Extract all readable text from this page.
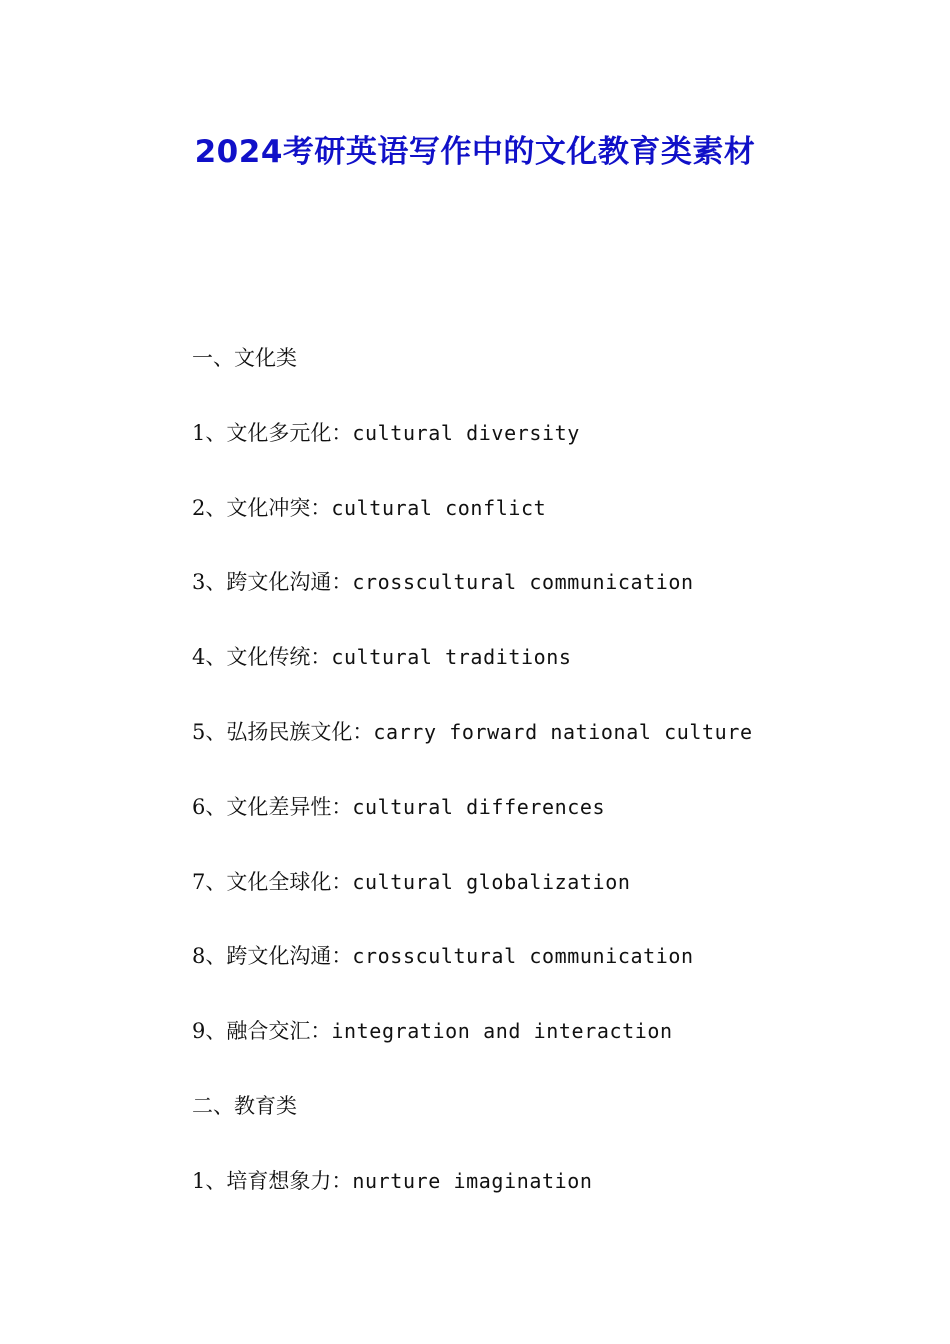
2024考研英语写作中的文化教育类素材
一、文化类
1、文化多元化：cultural diversity
2、文化冲突：cultural conflict
3、跨文化沟通：crosscultural communication
4、文化传统：cultural traditions
5、弘扬民族文化：carry forward national culture
6、文化差异性：cultural differences
7、文化全球化：cultural globalization
8、跨文化沟通：crosscultural communication
9、融合交汇：integration and interaction
二、教育类
1、培育想象力：nurture imagination
